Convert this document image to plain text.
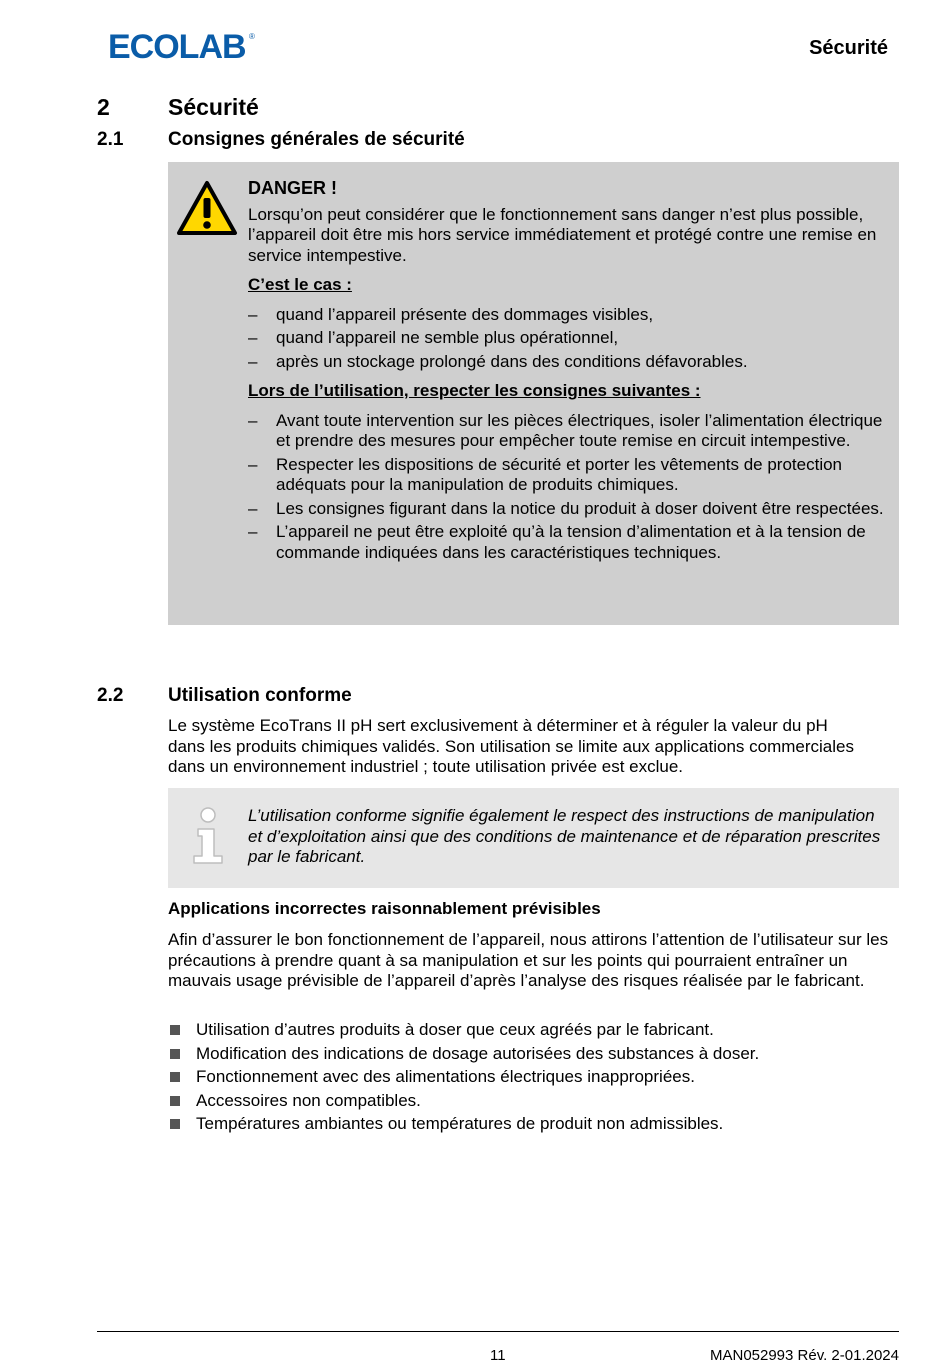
ECOLAB ®
Sécurité
2	Sécurité
2.1 Consignes générales de sécurité

DANGER !

Lorsqu’on peut considérer que le fonctionnement sans danger n’est plus possible, l’appareil doit être mis hors service immédiatement et protégé contre une remise en service intempestive.

C’est le cas :

– quand l’appareil présente des dommages visibles,
– quand l’appareil ne semble plus opérationnel,
– après un stockage prolongé dans des conditions défavorables.

Lors de l’utilisation, respecter les consignes suivantes :

– Avant toute intervention sur les pièces électriques, isoler l’alimentation électrique et prendre des mesures pour empêcher toute remise en circuit intempestive.
– Respecter les dispositions de sécurité et porter les vêtements de protection adéquats pour la manipulation de produits chimiques.
– Les consignes figurant dans la notice du produit à doser doivent être respectées.
– L’appareil ne peut être exploité qu’à la tension d’alimentation et à la tension de commande indiquées dans les caractéristiques techniques.
2.2 Utilisation conforme
Le système EcoTrans II pH sert exclusivement à déterminer et à réguler la valeur du pH dans les produits chimiques validés. Son utilisation se limite aux applications commerciales dans un environnement industriel ; toute utilisation privée est exclue.
L’utilisation conforme signifie également le respect des instructions de manipulation et d’exploitation ainsi que des conditions de maintenance et de réparation prescrites par le fabricant.
Applications incorrectes raisonnablement prévisibles
Afin d’assurer le bon fonctionnement de l’appareil, nous attirons l’attention de l’utilisateur sur les précautions à prendre quant à sa manipulation et sur les points qui pourraient entraîner un mauvais usage prévisible de l’appareil d’après l’analyse des risques réalisée par le fabricant.
Utilisation d’autres produits à doser que ceux agréés par le fabricant.
Modification des indications de dosage autorisées des substances à doser.
Fonctionnement avec des alimentations électriques inappropriées.
Accessoires non compatibles.
Températures ambiantes ou températures de produit non admissibles.
11	MAN052993 Rév. 2-01.2024
